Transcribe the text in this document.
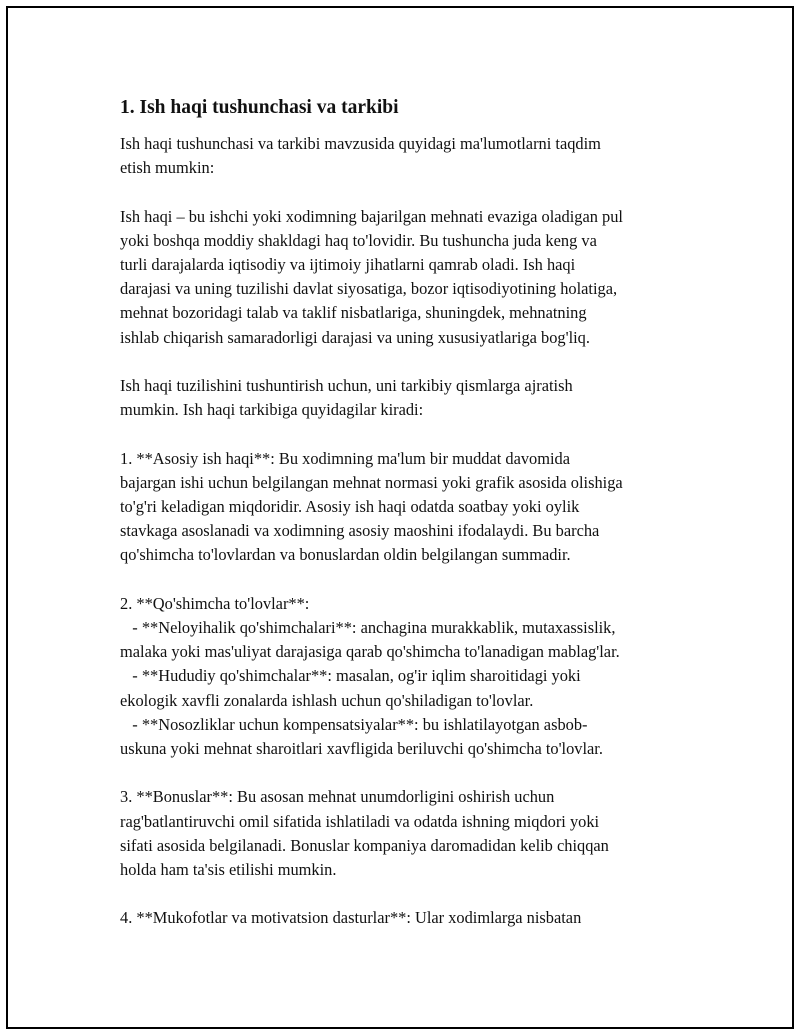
1. Ish haqi tushunchasi va tarkibi
Ish haqi tushunchasi va tarkibi mavzusida quyidagi ma'lumotlarni taqdim
etish mumkin:
Ish haqi – bu ishchi yoki xodimning bajarilgan mehnati evaziga oladigan pul
yoki boshqa moddiy shakldagi haq to'lovidir. Bu tushuncha juda keng va
turli darajalarda iqtisodiy va ijtimoiy jihatlarni qamrab oladi. Ish haqi
darajasi va uning tuzilishi davlat siyosatiga, bozor iqtisodiyotining holatiga,
mehnat bozoridagi talab va taklif nisbatlariga, shuningdek, mehnatning
ishlab chiqarish samaradorligi darajasi va uning xususiyatlariga bog'liq.
Ish haqi tuzilishini tushuntirish uchun, uni tarkibiy qismlarga ajratish
mumkin. Ish haqi tarkibiga quyidagilar kiradi:
1. **Asosiy ish haqi**: Bu xodimning ma'lum bir muddat davomida
bajargan ishi uchun belgilangan mehnat normasi yoki grafik asosida olishiga
to'g'ri keladigan miqdoridir. Asosiy ish haqi odatda soatbay yoki oylik
stavkaga asoslanadi va xodimning asosiy maoshini ifodalaydi. Bu barcha
qo'shimcha to'lovlardan va bonuslardan oldin belgilangan summadir.
2. **Qo'shimcha to'lovlar**:
- **Neloyihalik qo'shimchalari**: anchagina murakkablik, mutaxassislik,
malaka yoki mas'uliyat darajasiga qarab qo'shimcha to'lanadigan mablag'lar.
- **Hududiy qo'shimchalar**: masalan, og'ir iqlim sharoitidagi yoki
ekologik xavfli zonalarda ishlash uchun qo'shiladigan to'lovlar.
- **Nosozliklar uchun kompensatsiyalar**: bu ishlatilayotgan asbob-
uskuna yoki mehnat sharoitlari xavfligida beriluvchi qo'shimcha to'lovlar.
3. **Bonuslar**: Bu asosan mehnat unumdorligini oshirish uchun
rag'batlantiruvchi omil sifatida ishlatiladi va odatda ishning miqdori yoki
sifati asosida belgilanadi. Bonuslar kompaniya daromadidan kelib chiqqan
holda ham ta'sis etilishi mumkin.
4. **Mukofotlar va motivatsion dasturlar**: Ular xodimlarga nisbatan
